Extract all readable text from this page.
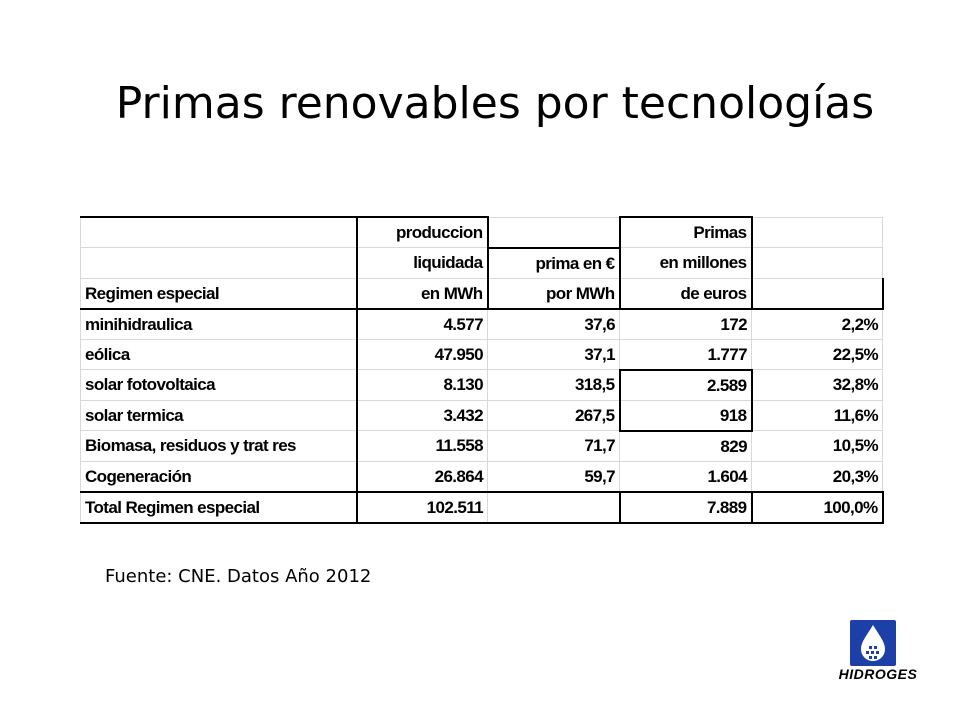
Primas renovables por tecnologías
	produccion		Primas	
	liquidada	prima en €	en millones	
Regimen especial	en MWh	por MWh	de euros	
minihidraulica	4.577	37,6	172	2,2%
eólica	47.950	37,1	1.777	22,5%
solar fotovoltaica	8.130	318,5	2.589	32,8%
solar termica	3.432	267,5	918	11,6%
Biomasa, residuos y trat res	11.558	71,7	829	10,5%
Cogeneración	26.864	59,7	1.604	20,3%
Total Regimen especial	102.511		7.889	100,0%
Fuente: CNE. Datos Año 2012
HIDROGES
